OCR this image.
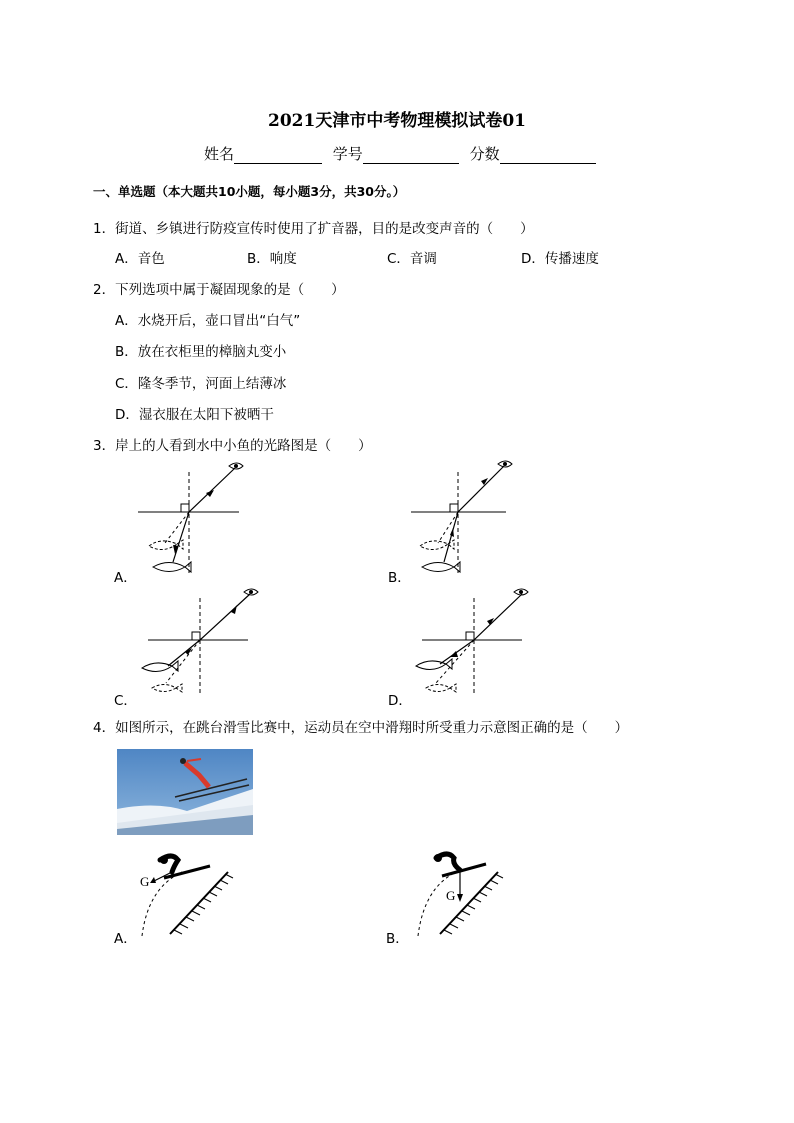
2021天津市中考物理模拟试卷01
姓名	学号	分数
一、单选题（本大题共10小题，每小题3分，共30分。）
1．街道、乡镇进行防疫宣传时使用了扩音器，目的是改变声音的（　　）
A．音色	B．响度	C．音调	D．传播速度
2．下列选项中属于凝固现象的是（　　）
A．水烧开后，壶口冒出“白气”
B．放在衣柜里的樟脑丸变小
C．隆冬季节，河面上结薄冰
D．湿衣服在太阳下被晒干
3．岸上的人看到水中小鱼的光路图是（　　）
A．	B．
C．	D．
4．如图所示，在跳台滑雪比赛中，运动员在空中滑翔时所受重力示意图正确的是（　　）
G
A．
G
B．
